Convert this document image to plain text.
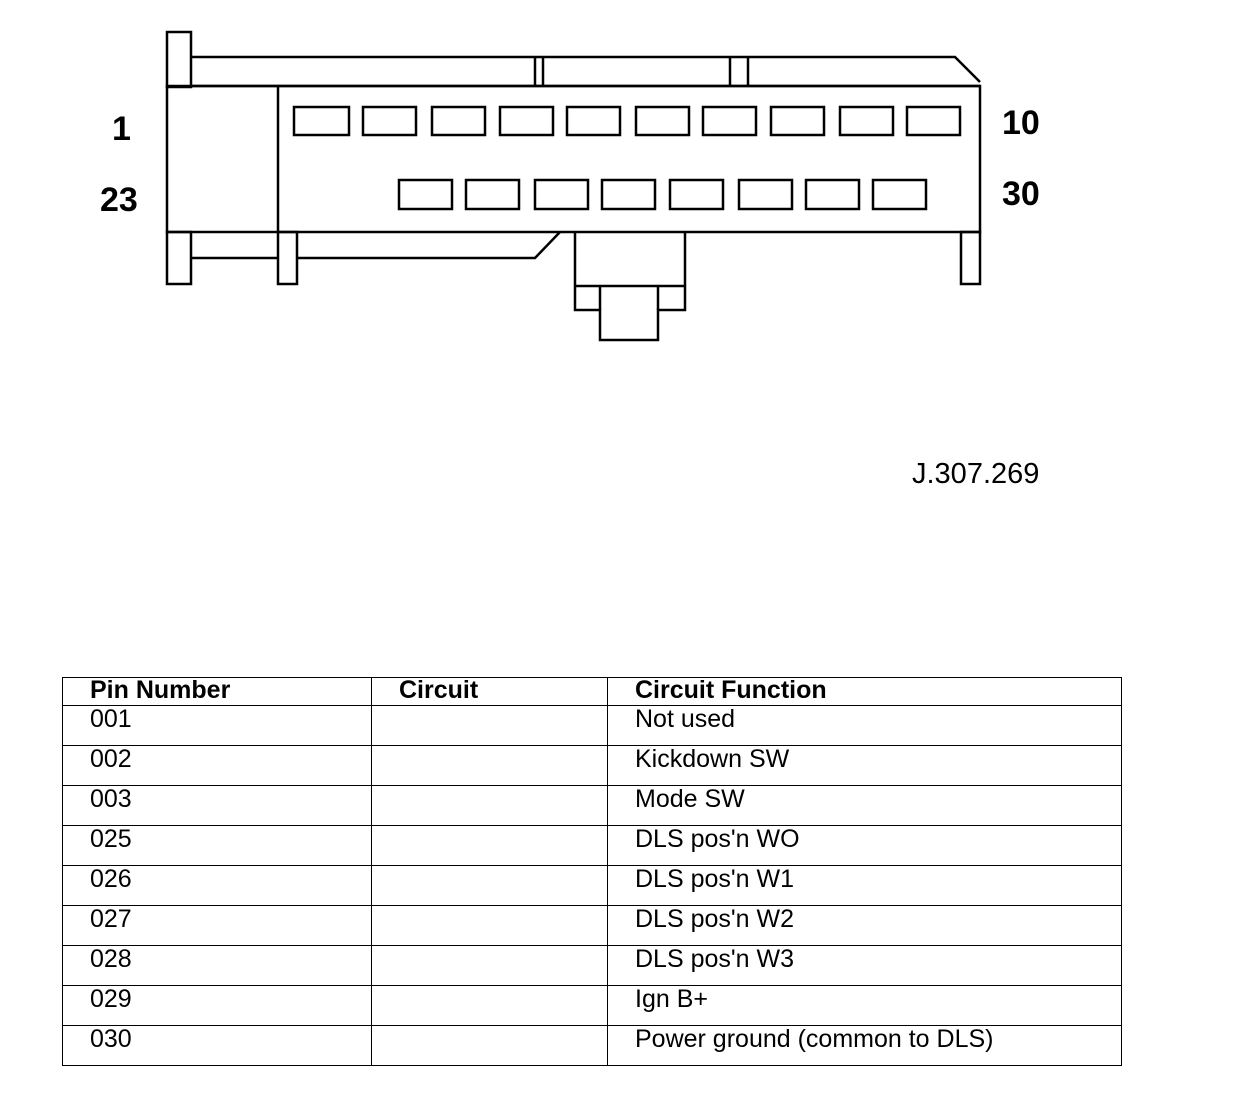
1
23
10
30
J.307.269
Pin Number	Circuit	Circuit Function
001		Not used
002		Kickdown SW
003		Mode SW
025		DLS pos'n WO
026		DLS pos'n W1
027		DLS pos'n W2
028		DLS pos'n W3
029		Ign B+
030		Power ground (common to DLS)
